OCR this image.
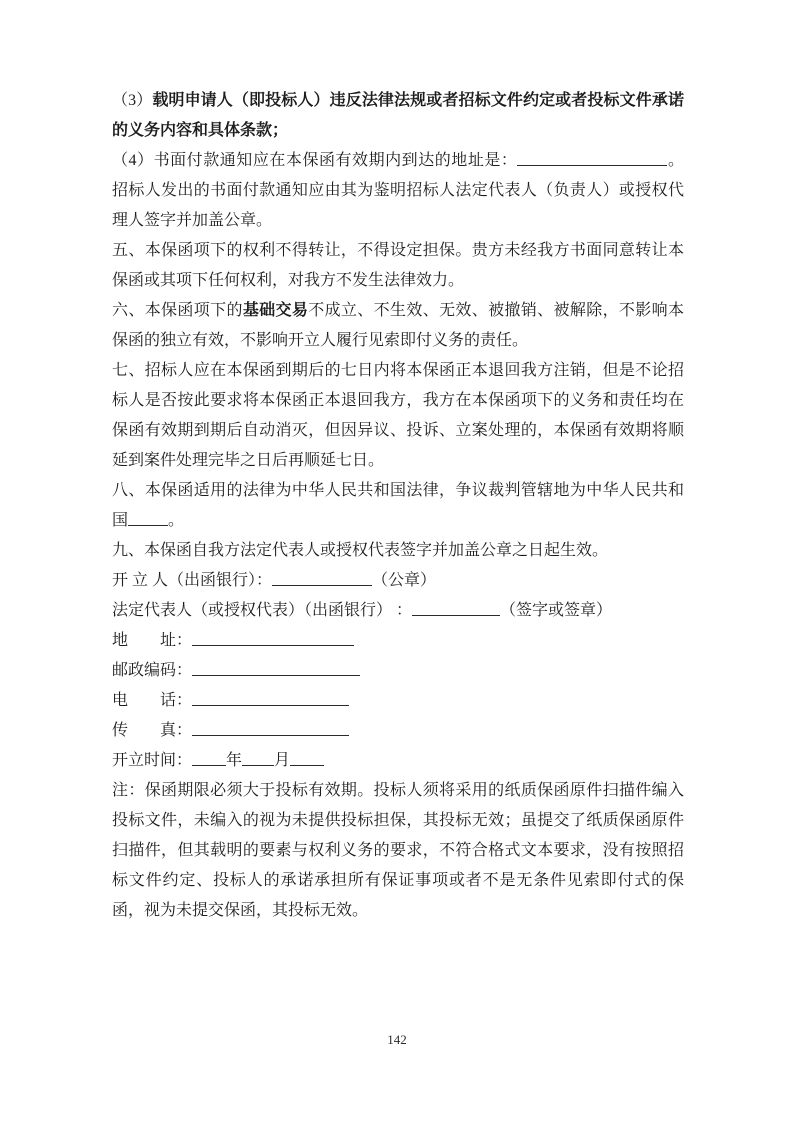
（3）载明申请人（即投标人）违反法律法规或者招标文件约定或者投标文件承诺的义务内容和具体条款；

（4）书面付款通知应在本保函有效期内到达的地址是：	。招标人发出的书面付款通知应由其为鉴明招标人法定代表人（负责人）或授权代理人签字并加盖公章。

五、本保函项下的权利不得转让，不得设定担保。贵方未经我方书面同意转让本保函或其项下任何权利，对我方不发生法律效力。

六、本保函项下的基础交易不成立、不生效、无效、被撤销、被解除，不影响本保函的独立有效，不影响开立人履行见索即付义务的责任。

七、招标人应在本保函到期后的七日内将本保函正本退回我方注销，但是不论招标人是否按此要求将本保函正本退回我方，我方在本保函项下的义务和责任均在保函有效期到期后自动消灭，但因异议、投诉、立案处理的，本保函有效期将顺延到案件处理完毕之日后再顺延七日。

八、本保函适用的法律为中华人民共和国法律，争议裁判管辖地为中华人民共和国	。

九、本保函自我方法定代表人或授权代表签字并加盖公章之日起生效。

开 立 人（出函银行）：	（公章）

法定代表人（或授权代表）（出函银行） ：	（签字或签章）

地　　址：

邮政编码：

电　　话：

传　　真：

开立时间： 年 月

注：保函期限必须大于投标有效期。投标人须将采用的纸质保函原件扫描件编入投标文件，未编入的视为未提供投标担保，其投标无效；虽提交了纸质保函原件扫描件，但其载明的要素与权利义务的要求，不符合格式文本要求，没有按照招标文件约定、投标人的承诺承担所有保证事项或者不是无条件见索即付式的保函，视为未提交保函，其投标无效。

142
